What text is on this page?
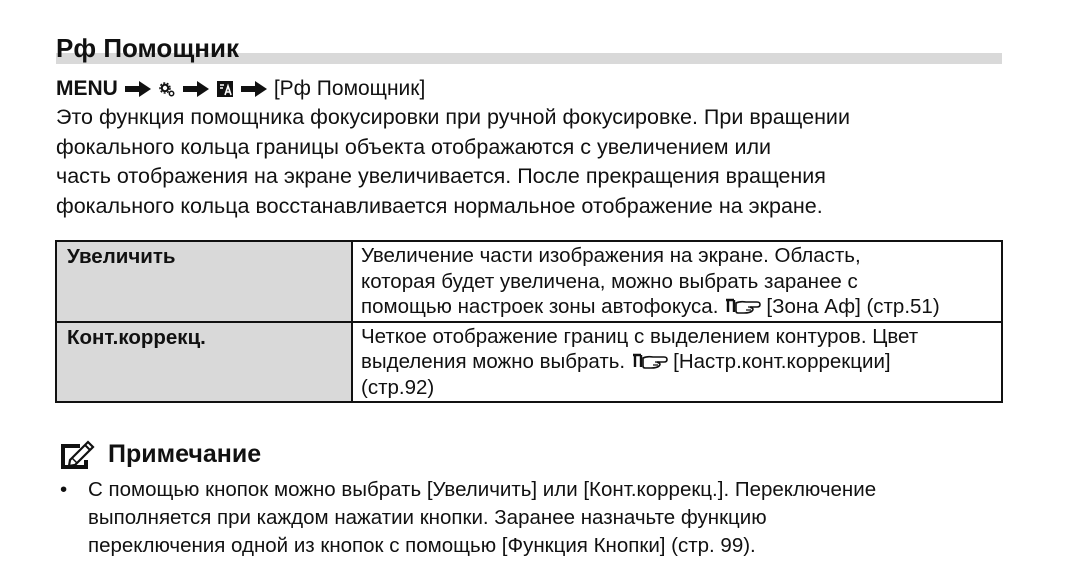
Рф Помощник
MENU	[Рф Помощник]

Это функция помощника фокусировки при ручной фокусировке. При вращении

фокального кольца границы объекта отображаются с увеличением или

часть отображения на экране увеличивается. После прекращения вращения

фокального кольца восстанавливается нормальное отображение на экране.

Увеличить	Увеличение части изображения на экране. Область,
которая будет увеличена, можно выбрать заранее с
помощью настроек зоны автофокуса. [Зона Аф] (стр.51)

Конт.коррекц.	Четкое отображение границ с выделением контуров. Цвет
выделения можно выбрать. [Настр.конт.коррекции]
(стр.92)
Примечание
• С помощью кнопок можно выбрать [Увеличить] или [Конт.коррекц.]. Переключение
выполняется при каждом нажатии кнопки. Заранее назначьте функцию
переключения одной из кнопок с помощью [Функция Кнопки] (стр. 99).
